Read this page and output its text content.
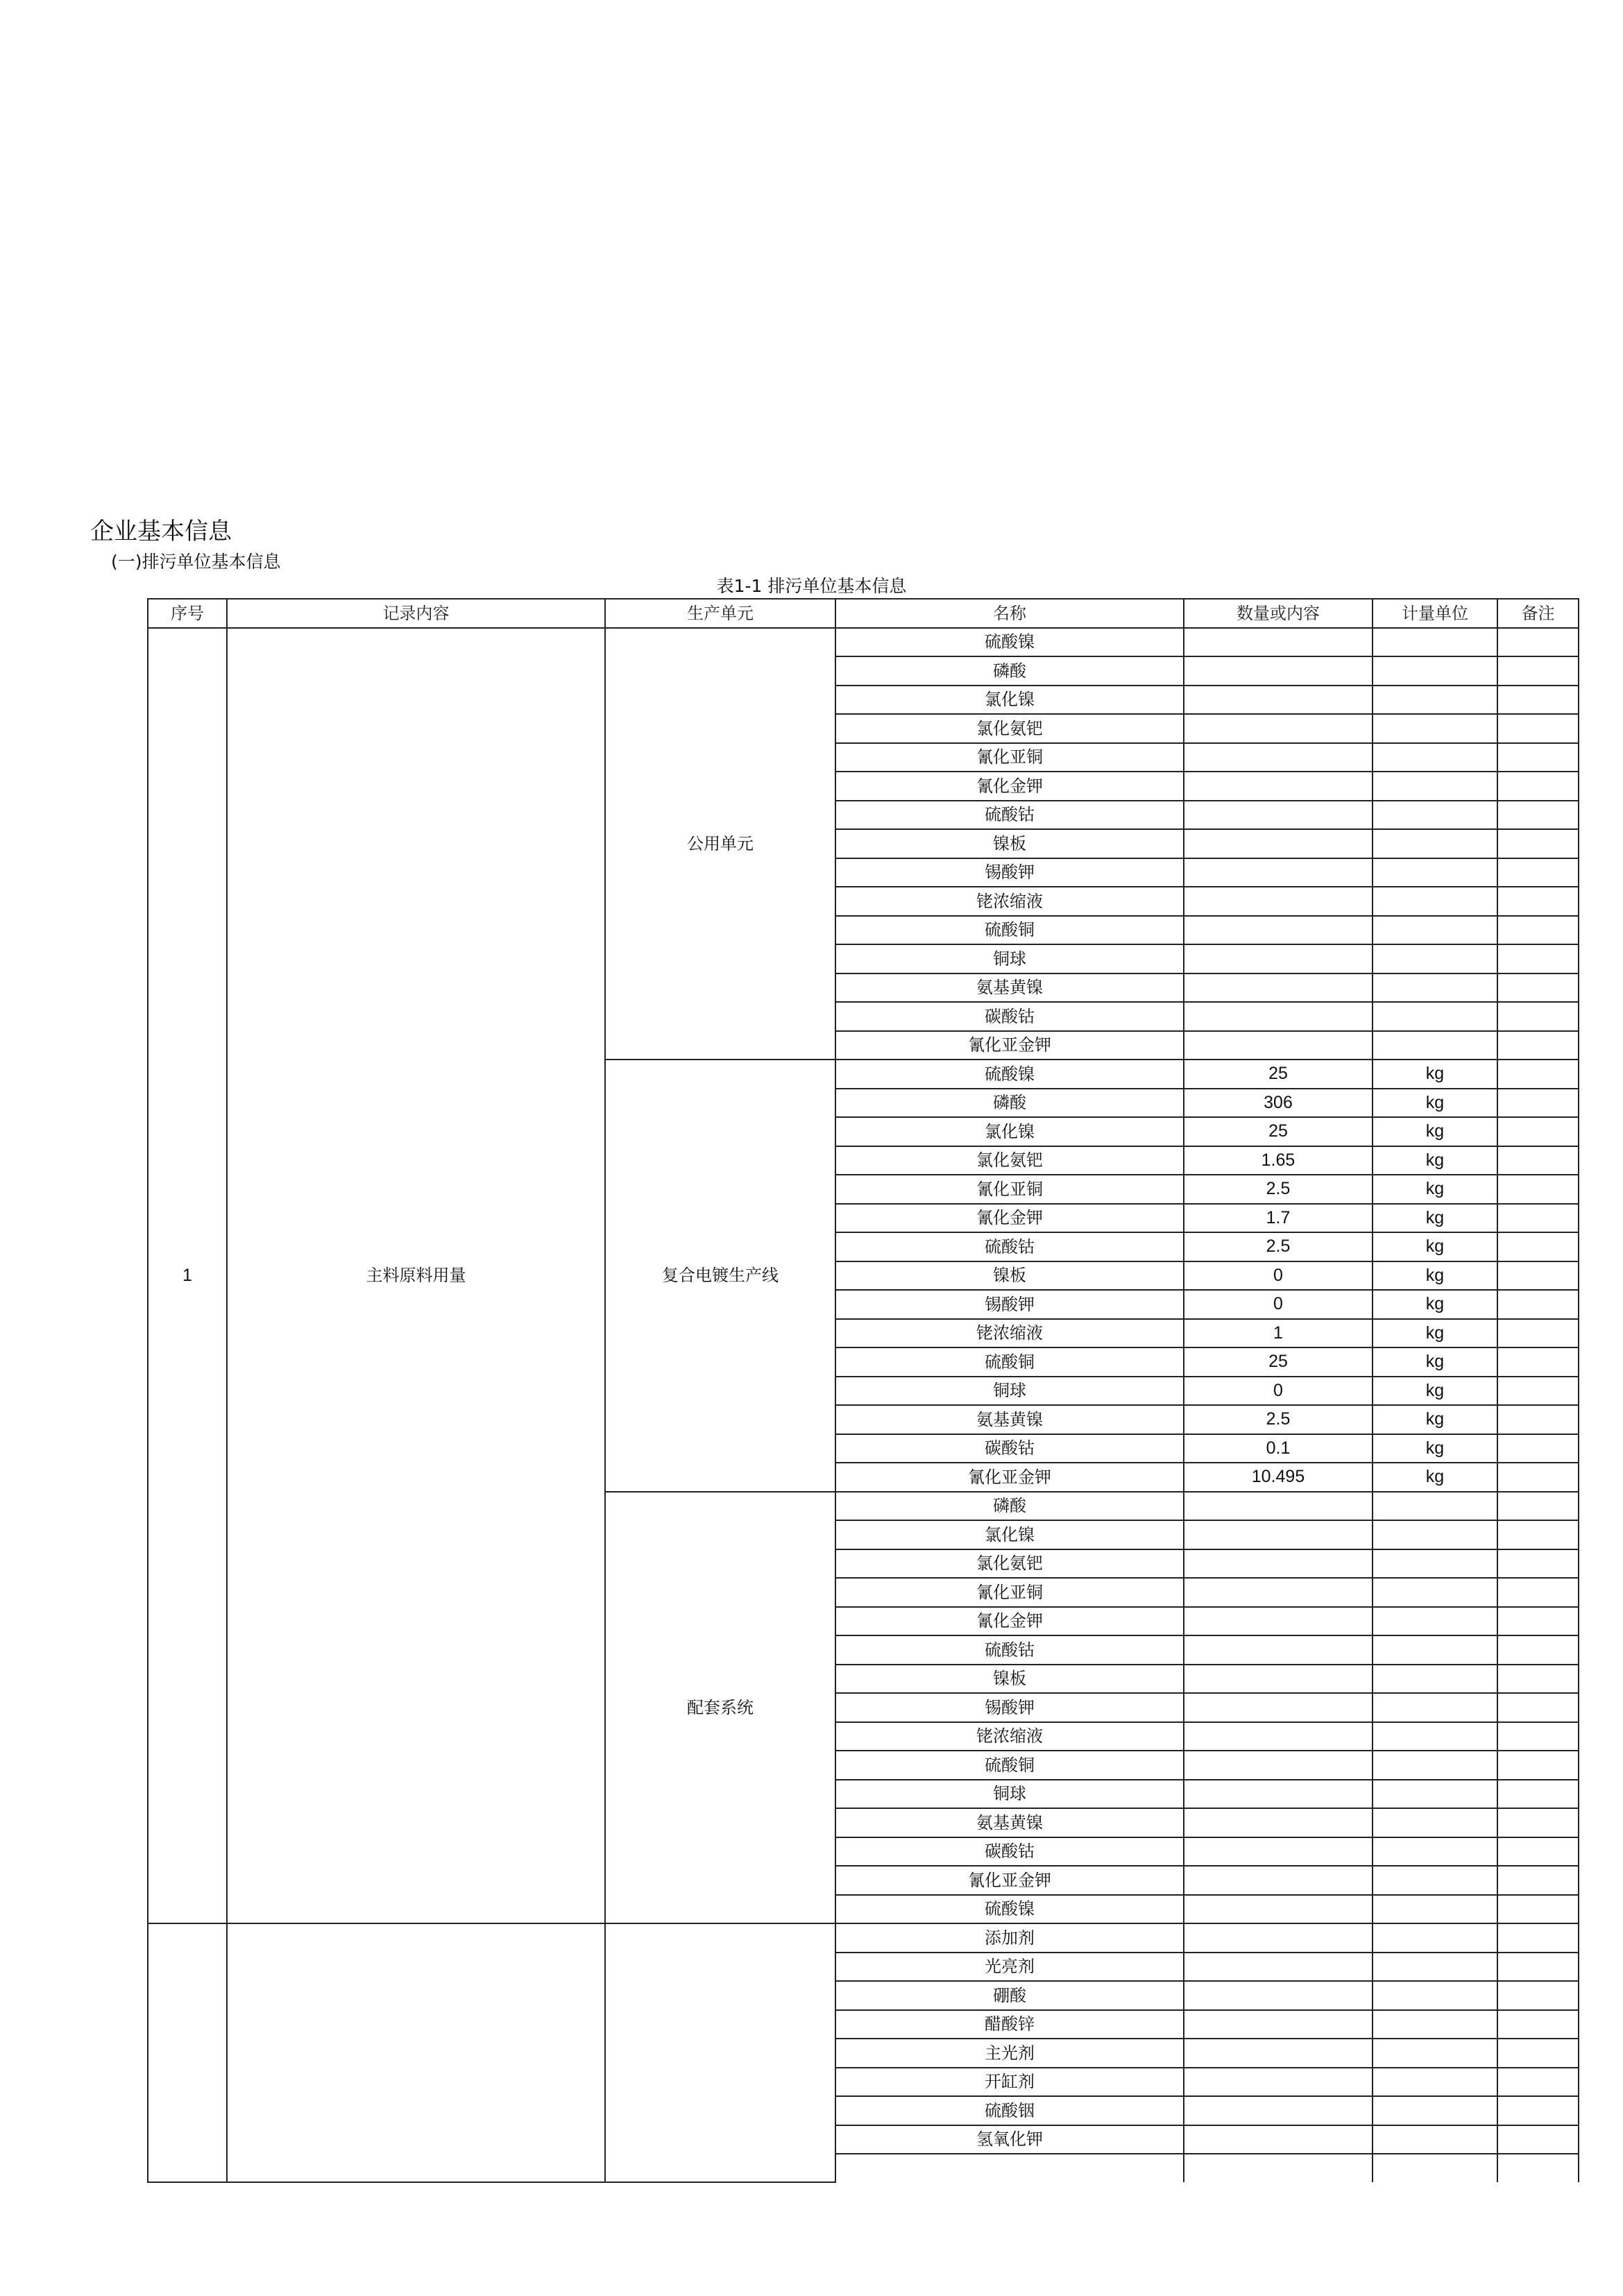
企业基本信息
(一)排污单位基本信息
表1-1 排污单位基本信息
序号	记录内容	生产单元	名称	数量或内容	计量单位	备注
1	主料原料用量	公用单元	硫酸镍			
			磷酸			
			氯化镍			
			氯化氨钯			
			氰化亚铜			
			氰化金钾			
			硫酸钴			
			镍板			
			锡酸钾			
			铑浓缩液			
			硫酸铜			
			铜球			
			氨基黄镍			
			碳酸钴			
			氰化亚金钾			
		复合电镀生产线	硫酸镍	25	kg	
			磷酸	306	kg	
			氯化镍	25	kg	
			氯化氨钯	1.65	kg	
			氰化亚铜	2.5	kg	
			氰化金钾	1.7	kg	
			硫酸钴	2.5	kg	
			镍板	0	kg	
			锡酸钾	0	kg	
			铑浓缩液	1	kg	
			硫酸铜	25	kg	
			铜球	0	kg	
			氨基黄镍	2.5	kg	
			碳酸钴	0.1	kg	
			氰化亚金钾	10.495	kg	
		配套系统	磷酸			
			氯化镍			
			氯化氨钯			
			氰化亚铜			
			氰化金钾			
			硫酸钴			
			镍板			
			锡酸钾			
			铑浓缩液			
			硫酸铜			
			铜球			
			氨基黄镍			
			碳酸钴			
			氰化亚金钾			
			硫酸镍			
			添加剂			
			光亮剂			
			硼酸			
			醋酸锌			
			主光剂			
			开缸剂			
			硫酸铟			
			氢氧化钾			
